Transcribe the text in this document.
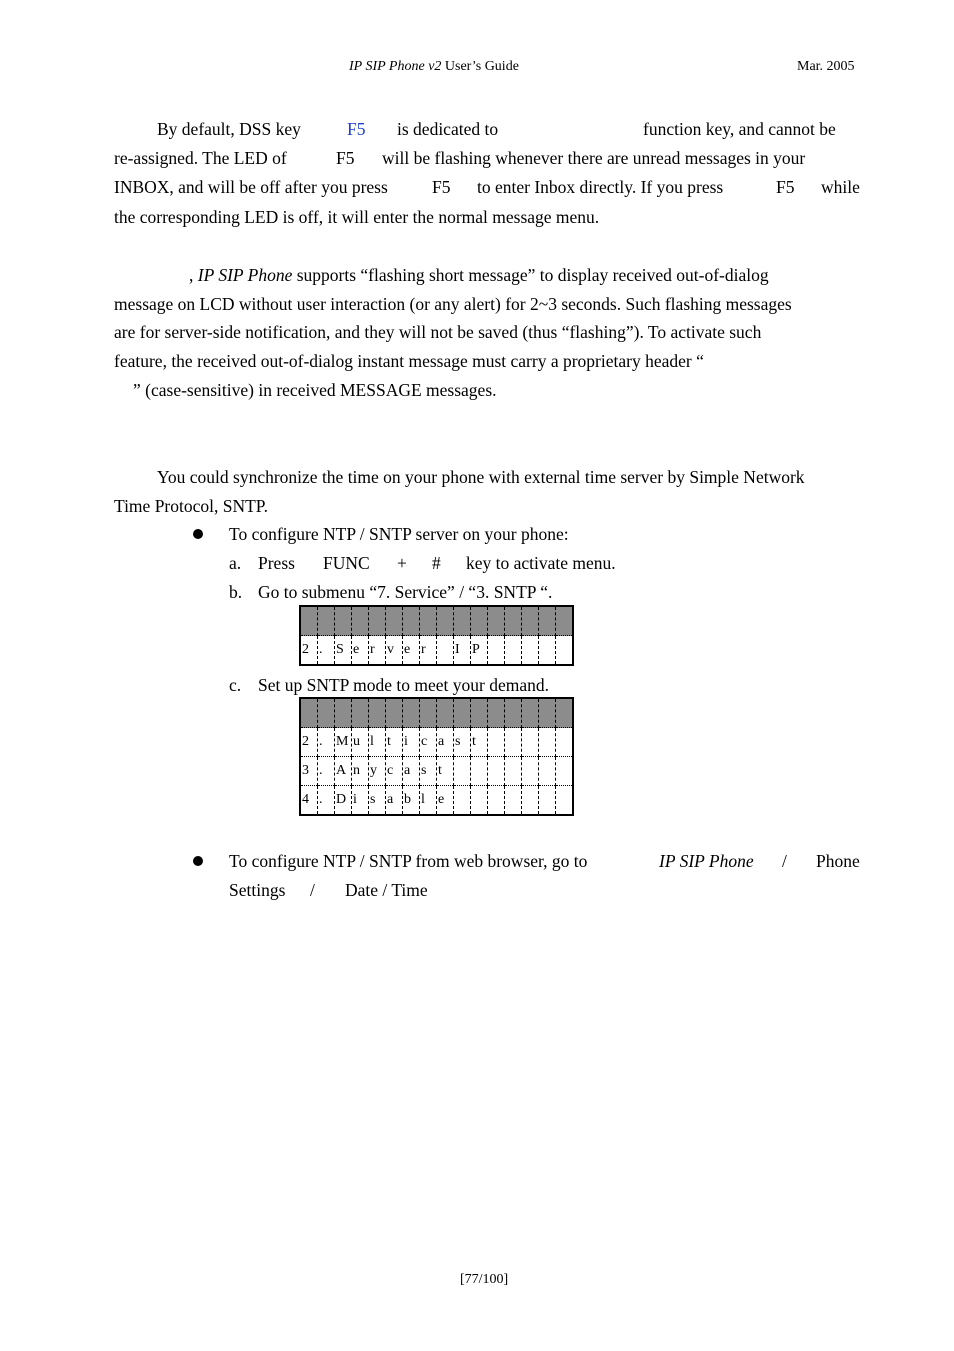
IP SIP Phone v2 User’s Guide	Mar. 2005
By default, DSS key	F5 is dedicated to	function key, and cannot be
re-assigned. The LED of	F5 will be flashing whenever there are unread messages in your
INBOX, and will be off after you press	F5 to enter Inbox directly. If you press	F5 while
the corresponding LED is off, it will enter the normal message menu.
, IP SIP Phone supports “flashing short message” to display received out-of-dialog
message on LCD without user interaction (or any alert) for 2~3 seconds. Such flashing messages
are for server-side notification, and they will not be saved (thus “flashing”). To activate such
feature, the received out-of-dialog instant message must carry a proprietary header “
” (case-sensitive) in received MESSAGE messages.
You could synchronize the time on your phone with external time server by Simple Network
Time Protocol, SNTP.
To configure NTP / SNTP server on your phone:
a. Press FUNC + # key to activate menu.
b. Go to submenu “7. Service” / “3. SNTP “.

2	.	S	e	r	v	e	r		I	P					
c. Set up SNTP mode to meet your demand.

2	.	M	u	l	t	i	c	a	s	t					
3	.	A	n	y	c	a	s	t							
4	.	D	i	s	a	b	l	e							
To configure NTP / SNTP from web browser, go to	IP SIP Phone / Phone
Settings / Date / Time
[77/100]
